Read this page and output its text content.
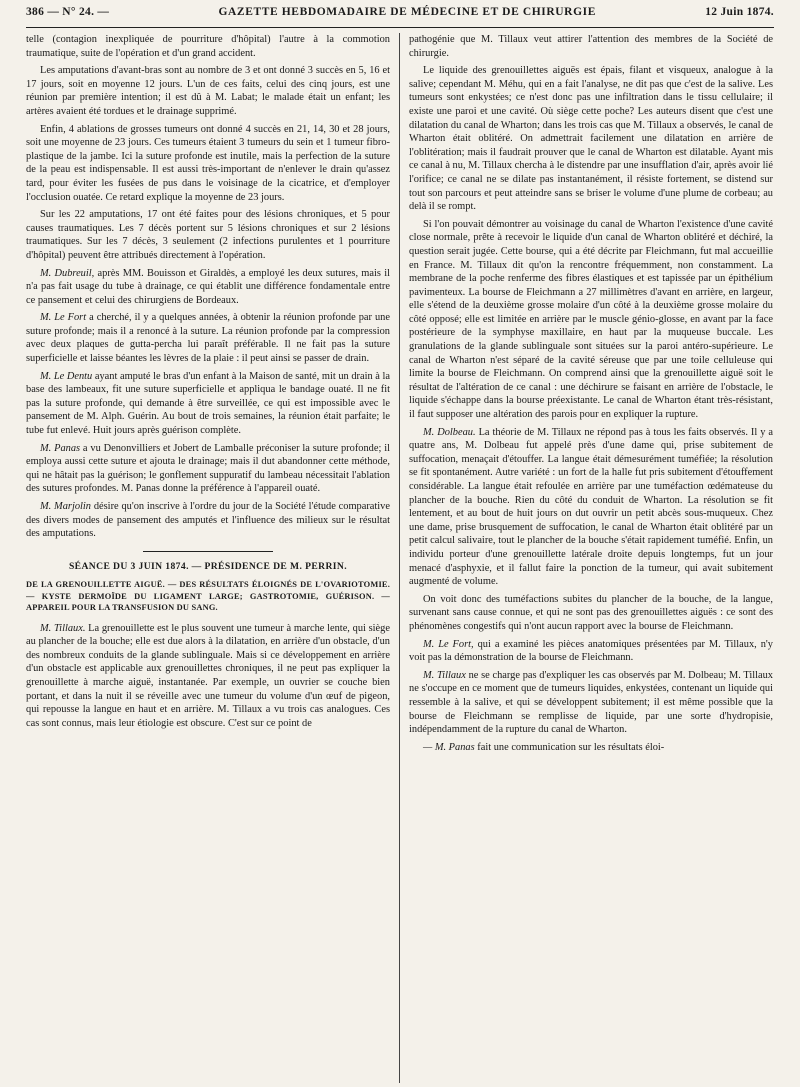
386 — N° 24. —	GAZETTE HEBDOMADAIRE DE MÉDECINE ET DE CHIRURGIE	12 Juin 1874.

telle (contagion inexpliquée de pourriture d'hôpital) l'autre à la commotion traumatique, suite de l'opération et d'un grand accident.

Les amputations d'avant-bras sont au nombre de 3 et ont donné 3 succès en 5, 16 et 17 jours, soit en moyenne 12 jours. L'un de ces faits, celui des cinq jours, est une réunion par première intention; il est dû à M. Labat; le malade était un enfant; les artères avaient été tordues et le drainage supprimé.

Enfin, 4 ablations de grosses tumeurs ont donné 4 succès en 21, 14, 30 et 28 jours, soit une moyenne de 23 jours. Ces tumeurs étaient 3 tumeurs du sein et 1 tumeur fibro-plastique de la jambe. Ici la suture profonde est inutile, mais la perfection de la suture de la peau est indispensable. Il est aussi très-important de n'enlever le drain qu'assez tard, pour éviter les fusées de pus dans le voisinage de la cicatrice, et d'employer l'occlusion ouatée. Ce retard explique la moyenne de 23 jours.

Sur les 22 amputations, 17 ont été faites pour des lésions chroniques, et 5 pour causes traumatiques. Les 7 décès portent sur 5 lésions chroniques et sur 2 lésions traumatiques. Sur les 7 décès, 3 seulement (2 infections purulentes et 1 pourriture d'hôpital) peuvent être attribués directement à l'opération.

M. Dubreuil, après MM. Bouisson et Giraldès, a employé les deux sutures, mais il n'a pas fait usage du tube à drainage, ce qui établit une différence fondamentale entre ce pansement et celui des chirurgiens de Bordeaux.

M. Le Fort a cherché, il y a quelques années, à obtenir la réunion profonde par une suture profonde; mais il a renoncé à la suture. La réunion profonde par la compression avec deux plaques de gutta-percha lui paraît préférable. Il ne fait pas la suture superficielle et laisse béantes les lèvres de la plaie : il peut ainsi se passer de drain.

M. Le Dentu ayant amputé le bras d'un enfant à la Maison de santé, mit un drain à la base des lambeaux, fit une suture superficielle et appliqua le bandage ouaté. Il ne fit pas la suture profonde, qui demande à être surveillée, ce qui est impossible avec le pansement de M. Alph. Guérin. Au bout de trois semaines, la réunion était parfaite; le tube fut enlevé. Huit jours après guérison complète.

M. Panas a vu Denonvilliers et Jobert de Lamballe préconiser la suture profonde; il employa aussi cette suture et ajouta le drainage; mais il dut abandonner cette méthode, qui ne hâtait pas la guérison; le gonflement suppuratif du lambeau nécessitait l'ablation des sutures profondes. M. Panas donne la préférence à l'appareil ouaté.

M. Marjolin désire qu'on inscrive à l'ordre du jour de la Société l'étude comparative des divers modes de pansement des amputés et l'influence des milieux sur le résultat des amputations.

SÉANCE DU 3 JUIN 1874. — PRÉSIDENCE DE M. PERRIN.
DE LA GRENOUILLETTE AIGUË. — DES RÉSULTATS ÉLOIGNÉS DE L'OVARIOTOMIE. — KYSTE DERMOÏDE DU LIGAMENT LARGE; GASTROTOMIE, GUÉRISON. — APPAREIL POUR LA TRANSFUSION DU SANG.

M. Tillaux. La grenouillette est le plus souvent une tumeur à marche lente, qui siège au plancher de la bouche; elle est due alors à la dilatation, en arrière d'un obstacle, d'un des nombreux conduits de la glande sublinguale. Mais si ce développement en arrière d'un obstacle est applicable aux grenouillettes chroniques, il ne peut pas expliquer la grenouillette à marche aiguë, instantanée. Par exemple, un ouvrier se couche bien portant, et dans la nuit il se réveille avec une tumeur du volume d'un œuf de pigeon, qui repousse la langue en haut et en arrière. M. Tillaux a vu trois cas analogues. Ces cas sont connus, mais leur étiologie est obscure. C'est sur ce point de

pathogénie que M. Tillaux veut attirer l'attention des membres de la Société de chirurgie.

Le liquide des grenouillettes aiguës est épais, filant et visqueux, analogue à la salive; cependant M. Méhu, qui en a fait l'analyse, ne dit pas que c'est de la salive. Les tumeurs sont enkystées; ce n'est donc pas une infiltration dans le tissu cellulaire; il existe une paroi et une cavité. Où siège cette poche? Les auteurs disent que c'est une dilatation du canal de Wharton; dans les trois cas que M. Tillaux a observés, le canal de Wharton était oblitéré. On admettrait facilement une dilatation en arrière de l'oblitération; mais il faudrait prouver que le canal de Wharton est dilatable. Ayant mis ce canal à nu, M. Tillaux chercha à le distendre par une insufflation d'air, après avoir lié l'orifice; ce canal ne se dilate pas instantanément, il résiste fortement, se distend sur tout son parcours et peut atteindre sans se briser le volume d'une plume de corbeau; au delà il se rompt.

Si l'on pouvait démontrer au voisinage du canal de Wharton l'existence d'une cavité close normale, prête à recevoir le liquide d'un canal de Wharton oblitéré et déchiré, la question serait jugée. Cette bourse, qui a été décrite par Fleichmann, fut mal accueillie en France. M. Tillaux dit qu'on la rencontre fréquemment, non constamment. La membrane de la poche renferme des fibres élastiques et est tapissée par un épithélium pavimenteux. La bourse de Fleichmann a 27 millimètres d'avant en arrière, en largeur, elle s'étend de la deuxième grosse molaire d'un côté à la deuxième grosse molaire du côté opposé; elle est limitée en arrière par le muscle génio-glosse, en avant par la face postérieure de la symphyse maxillaire, en haut par la muqueuse buccale. Les granulations de la glande sublinguale sont situées sur la paroi antéro-supérieure. Le canal de Wharton n'est séparé de la cavité séreuse que par une toile celluleuse qui limite la bourse de Fleichmann. On comprend ainsi que la grenouillette aiguë soit le résultat de l'altération de ce canal : une déchirure se faisant en arrière de l'obstacle, le liquide s'échappe dans la bourse préexistante. Le canal de Wharton étant très-résistant, il faut supposer une altération des parois pour en expliquer la rupture.

M. Dolbeau. La théorie de M. Tillaux ne répond pas à tous les faits observés. Il y a quatre ans, M. Dolbeau fut appelé près d'une dame qui, prise subitement de suffocation, menaçait d'étouffer. La langue était démesurément tuméfiée; la résolution se fit spontanément. Autre variété : un fort de la halle fut pris subitement d'étouffement considérable. La langue était refoulée en arrière par une tuméfaction œdémateuse du plancher de la bouche. Rien du côté du conduit de Wharton. La résolution se fit lentement, et au bout de huit jours on dut ouvrir un petit abcès sous-muqueux. Chez une dame, prise brusquement de suffocation, le canal de Wharton était oblitéré par un petit calcul salivaire, tout le plancher de la bouche s'était rapidement tuméfié. Enfin, un individu porteur d'une grenouillette latérale droite depuis longtemps, fut un jour menacé d'asphyxie, et il fallut faire la ponction de la tumeur, qui avait subitement augmenté de volume.

On voit donc des tuméfactions subites du plancher de la bouche, de la langue, survenant sans cause connue, et qui ne sont pas des grenouillettes aiguës : ce sont des phénomènes congestifs qui n'ont aucun rapport avec la bourse de Fleichmann.

M. Le Fort, qui a examiné les pièces anatomiques présentées par M. Tillaux, n'y voit pas la démonstration de la bourse de Fleichmann.

M. Tillaux ne se charge pas d'expliquer les cas observés par M. Dolbeau; M. Tillaux ne s'occupe en ce moment que de tumeurs liquides, enkystées, contenant un liquide qui ressemble à la salive, et qui se développent subitement; il est même possible que la bourse de Fleichmann se remplisse de liquide, par une sorte d'hydropisie, indépendamment de la rupture du canal de Wharton.

— M. Panas fait une communication sur les résultats éloi-
